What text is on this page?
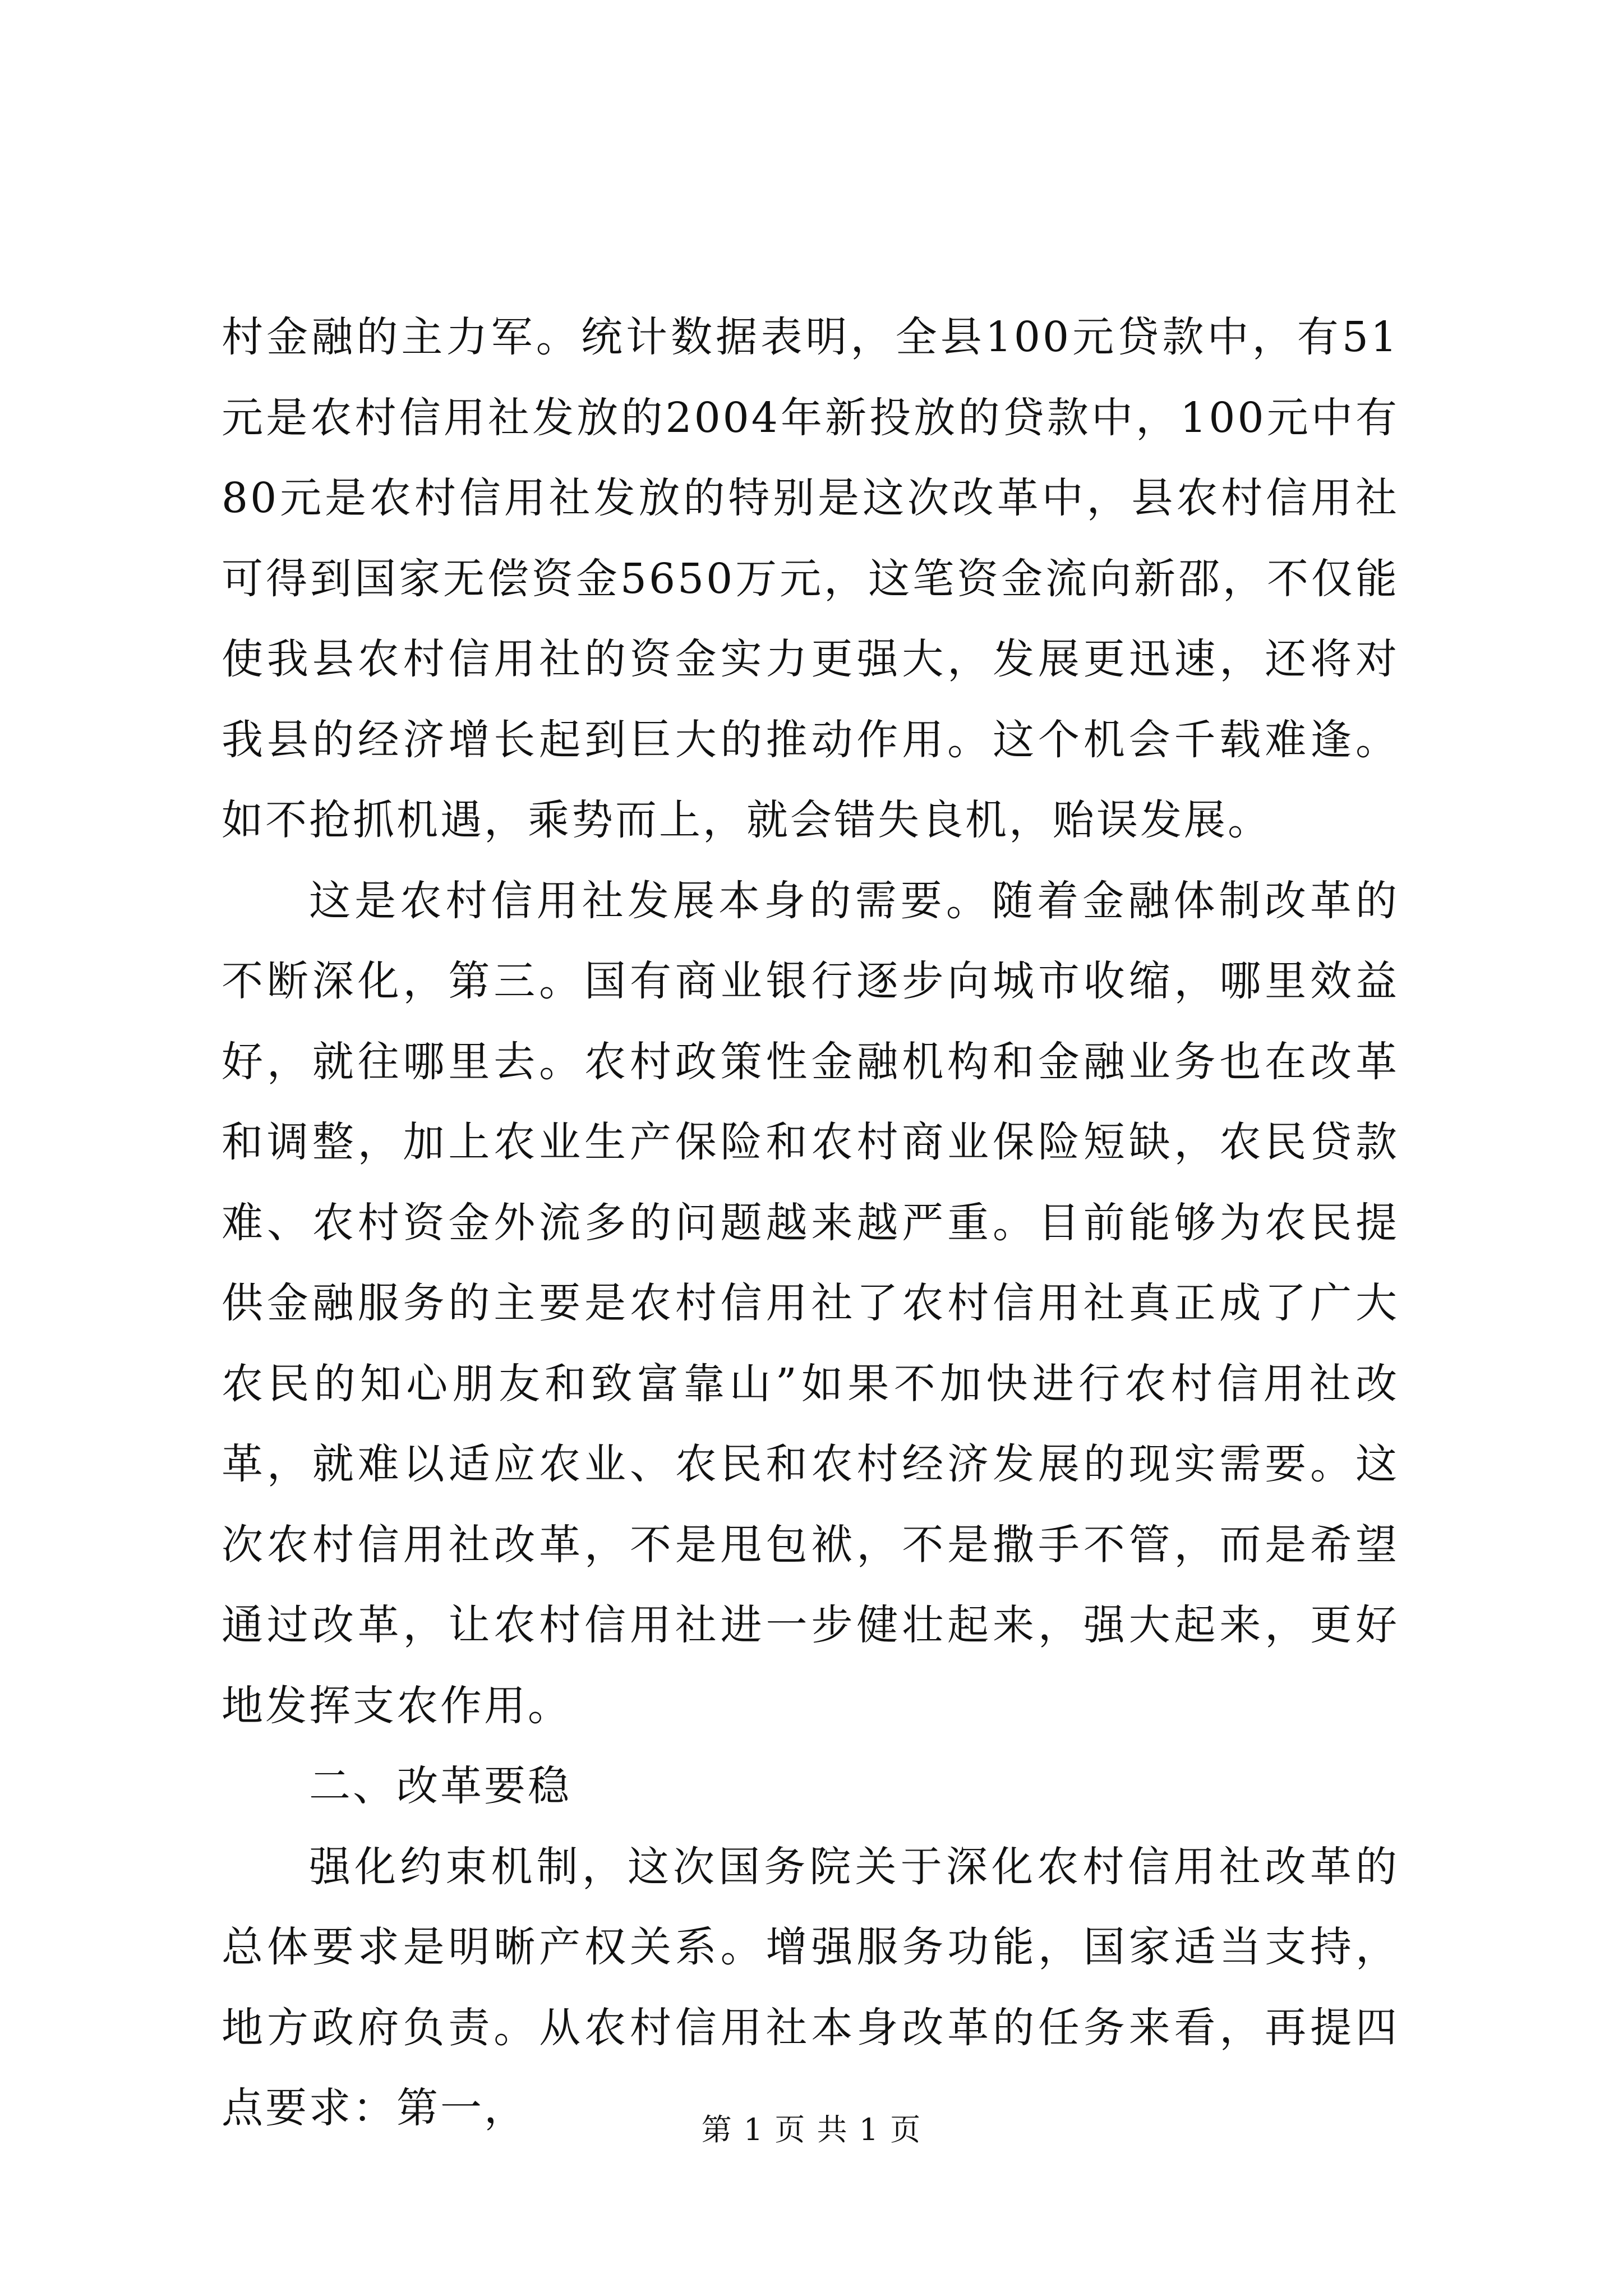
村金融的主力军。统计数据表明，全县100元贷款中，有51元是农村信用社发放的2004年新投放的贷款中，100元中有80元是农村信用社发放的特别是这次改革中，县农村信用社可得到国家无偿资金5650万元，这笔资金流向新邵，不仅能使我县农村信用社的资金实力更强大，发展更迅速，还将对我县的经济增长起到巨大的推动作用。这个机会千载难逢。如不抢抓机遇，乘势而上，就会错失良机，贻误发展。

这是农村信用社发展本身的需要。随着金融体制改革的不断深化，第三。国有商业银行逐步向城市收缩，哪里效益好，就往哪里去。农村政策性金融机构和金融业务也在改革和调整，加上农业生产保险和农村商业保险短缺，农民贷款难、农村资金外流多的问题越来越严重。目前能够为农民提供金融服务的主要是农村信用社了农村信用社真正成了广大农民的知心朋友和致富靠山”如果不加快进行农村信用社改革，就难以适应农业、农民和农村经济发展的现实需要。这次农村信用社改革，不是甩包袱，不是撒手不管，而是希望通过改革，让农村信用社进一步健壮起来，强大起来，更好地发挥支农作用。

二、改革要稳

强化约束机制，这次国务院关于深化农村信用社改革的总体要求是明晰产权关系。增强服务功能，国家适当支持，地方政府负责。从农村信用社本身改革的任务来看，再提四点要求：第一，	第 1 页 共 1 页
